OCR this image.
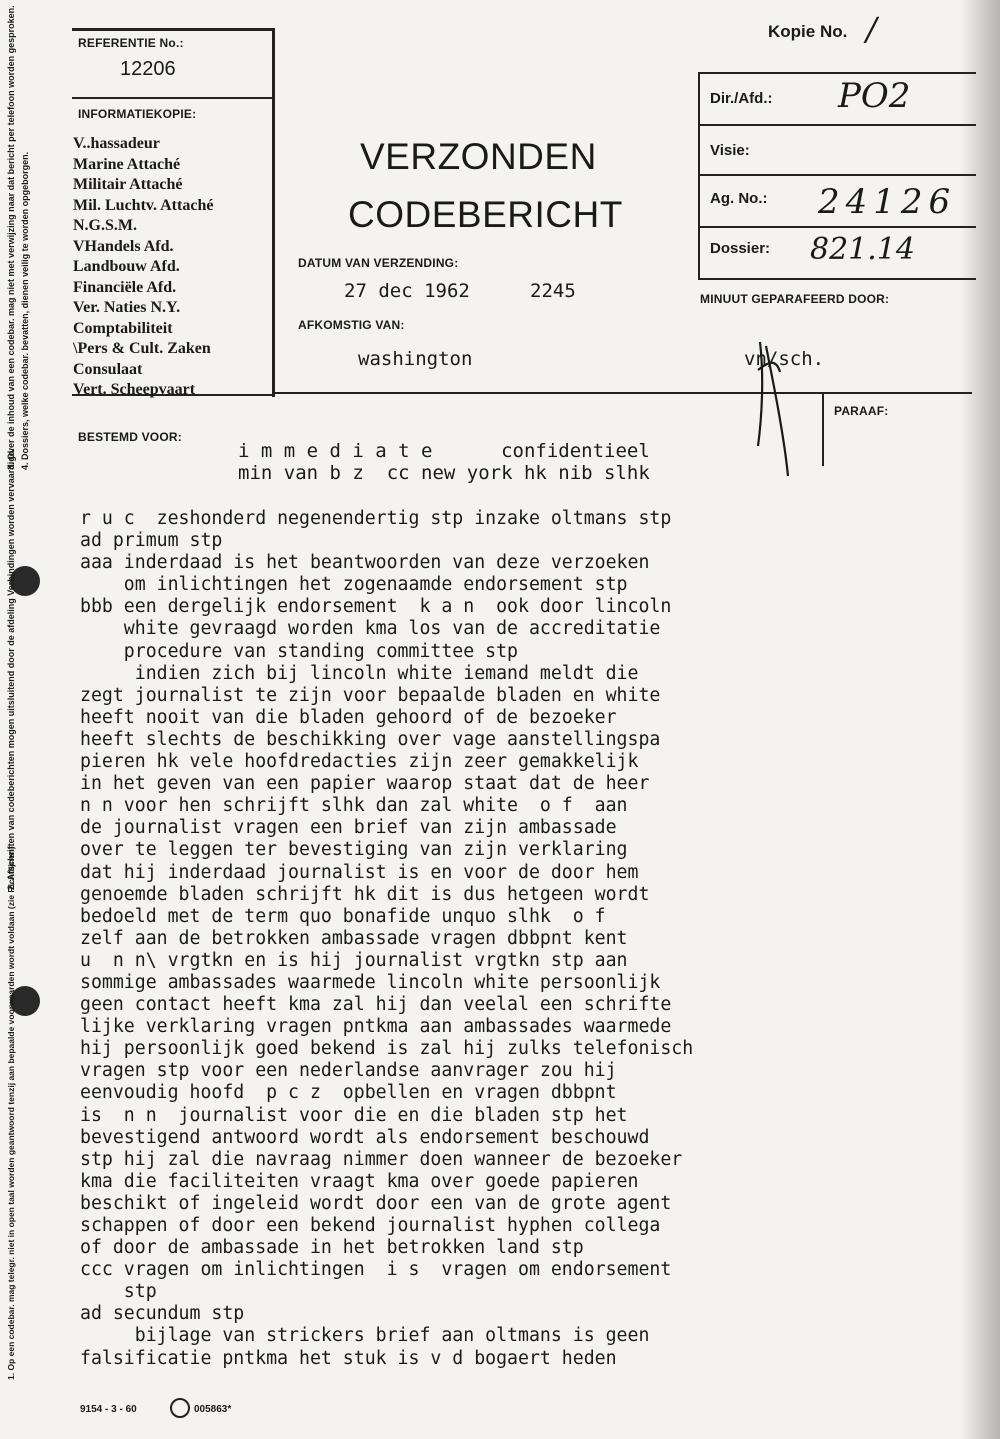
3. Over de inhoud van een codebar. mag niet met verwijzing naar dat bericht per telefoon worden gesproken. 4. Dossiers, welke codebar. bevatten, dienen veilig te worden opgeborgen.
2. Afschriften van codeberichten mogen uitsluitend door de afdeling Verbindingen worden vervaardigd.
1. Op een codebar. mag telegr. niet in open taal worden geantwoord tenzij aan bepaalde voorwaarden wordt voldaan (zie Richtlijnen).
REFERENTIE No.:
12206
INFORMATIEKOPIE:
V..hassadeur
Marine Attaché
Militair Attaché
Mil. Luchtv. Attaché
N.G.S.M.
VHandels Afd.
Landbouw Afd.
Financiële Afd.
Ver. Naties N.Y.
Comptabiliteit
\Pers & Cult. Zaken
Consulaat
Vert. Scheepvaart
Kopie No. /
VERZONDEN
CODEBERICHT
DATUM VAN VERZENDING:
27 dec 1962	2245
AFKOMSTIG VAN:
washington
Dir./Afd.: PO2
Visie:
Ag. No.: 24126
Dossier: 821.14
MINUUT GEPARAFEERD DOOR:
vn/sch.
PARAAF:
BESTEMD VOOR:
i m m e d i a t e      confidentieel
min van b z  cc new york hk nib slhk
r u c  zeshonderd negenendertig stp inzake oltmans stp
ad primum stp
aaa inderdaad is het beantwoorden van deze verzoeken
om inlichtingen het zogenaamde endorsement stp
bbb een dergelijk endorsement  k a n  ook door lincoln
white gevraagd worden kma los van de accreditatie
procedure van standing committee stp
indien zich bij lincoln white iemand meldt die
zegt journalist te zijn voor bepaalde bladen en white
heeft nooit van die bladen gehoord of de bezoeker
heeft slechts de beschikking over vage aanstellingspa
pieren hk vele hoofdredacties zijn zeer gemakkelijk
in het geven van een papier waarop staat dat de heer
n n voor hen schrijft slhk dan zal white  o f  aan
de journalist vragen een brief van zijn ambassade
over te leggen ter bevestiging van zijn verklaring
dat hij inderdaad journalist is en voor de door hem
genoemde bladen schrijft hk dit is dus hetgeen wordt
bedoeld met de term quo bonafide unquo slhk  o f
zelf aan de betrokken ambassade vragen dbbpnt kent
u  n n\ vrgtkn en is hij journalist vrgtkn stp aan
sommige ambassades waarmede lincoln white persoonlijk
geen contact heeft kma zal hij dan veelal een schrifte
lijke verklaring vragen pntkma aan ambassades waarmede
hij persoonlijk goed bekend is zal hij zulks telefonisch
vragen stp voor een nederlandse aanvrager zou hij
eenvoudig hoofd  p c z  opbellen en vragen dbbpnt
is  n n  journalist voor die en die bladen stp het
bevestigend antwoord wordt als endorsement beschouwd
stp hij zal die navraag nimmer doen wanneer de bezoeker
kma die faciliteiten vraagt kma over goede papieren
beschikt of ingeleid wordt door een van de grote agent
schappen of door een bekend journalist hyphen collega
of door de ambassade in het betrokken land stp
ccc vragen om inlichtingen  i s  vragen om endorsement
stp
ad secundum stp
bijlage van strickers brief aan oltmans is geen
falsificatie pntkma het stuk is v d bogaert heden
9154 - 3 - 60	005863*
